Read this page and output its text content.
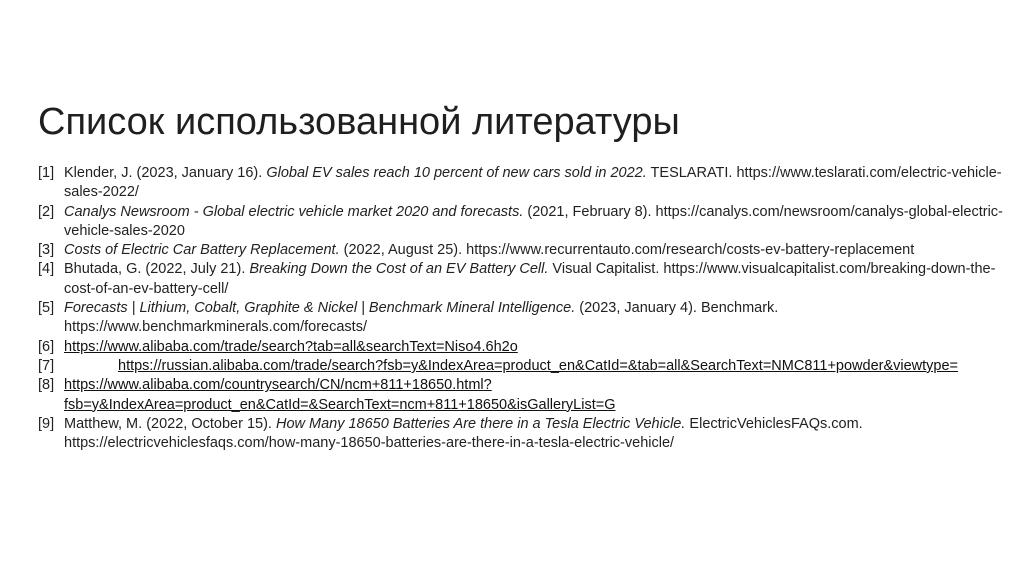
Список использованной литературы
[1] Klender, J. (2023, January 16). Global EV sales reach 10 percent of new cars sold in 2022. TESLARATI. https://www.teslarati.com/electric-vehicle-sales-2022/
[2] Canalys Newsroom - Global electric vehicle market 2020 and forecasts. (2021, February 8). https://canalys.com/newsroom/canalys-global-electric-vehicle-sales-2020
[3] Costs of Electric Car Battery Replacement. (2022, August 25). https://www.recurrentauto.com/research/costs-ev-battery-replacement
[4] Bhutada, G. (2022, July 21). Breaking Down the Cost of an EV Battery Cell. Visual Capitalist. https://www.visualcapitalist.com/breaking-down-the-cost-of-an-ev-battery-cell/
[5] Forecasts | Lithium, Cobalt, Graphite & Nickel | Benchmark Mineral Intelligence. (2023, January 4). Benchmark. https://www.benchmarkminerals.com/forecasts/
[6] https://www.alibaba.com/trade/search?tab=all&searchText=Niso4.6h2o
[7]	https://russian.alibaba.com/trade/search?fsb=y&IndexArea=product_en&CatId=&tab=all&SearchText=NMC811+powder&viewtype=
[8] https://www.alibaba.com/countrysearch/CN/ncm+811+18650.html?fsb=y&IndexArea=product_en&CatId=&SearchText=ncm+811+18650&isGalleryList=G
[9] Matthew, M. (2022, October 15). How Many 18650 Batteries Are there in a Tesla Electric Vehicle. ElectricVehiclesFAQs.com. https://electricvehiclesfaqs.com/how-many-18650-batteries-are-there-in-a-tesla-electric-vehicle/
